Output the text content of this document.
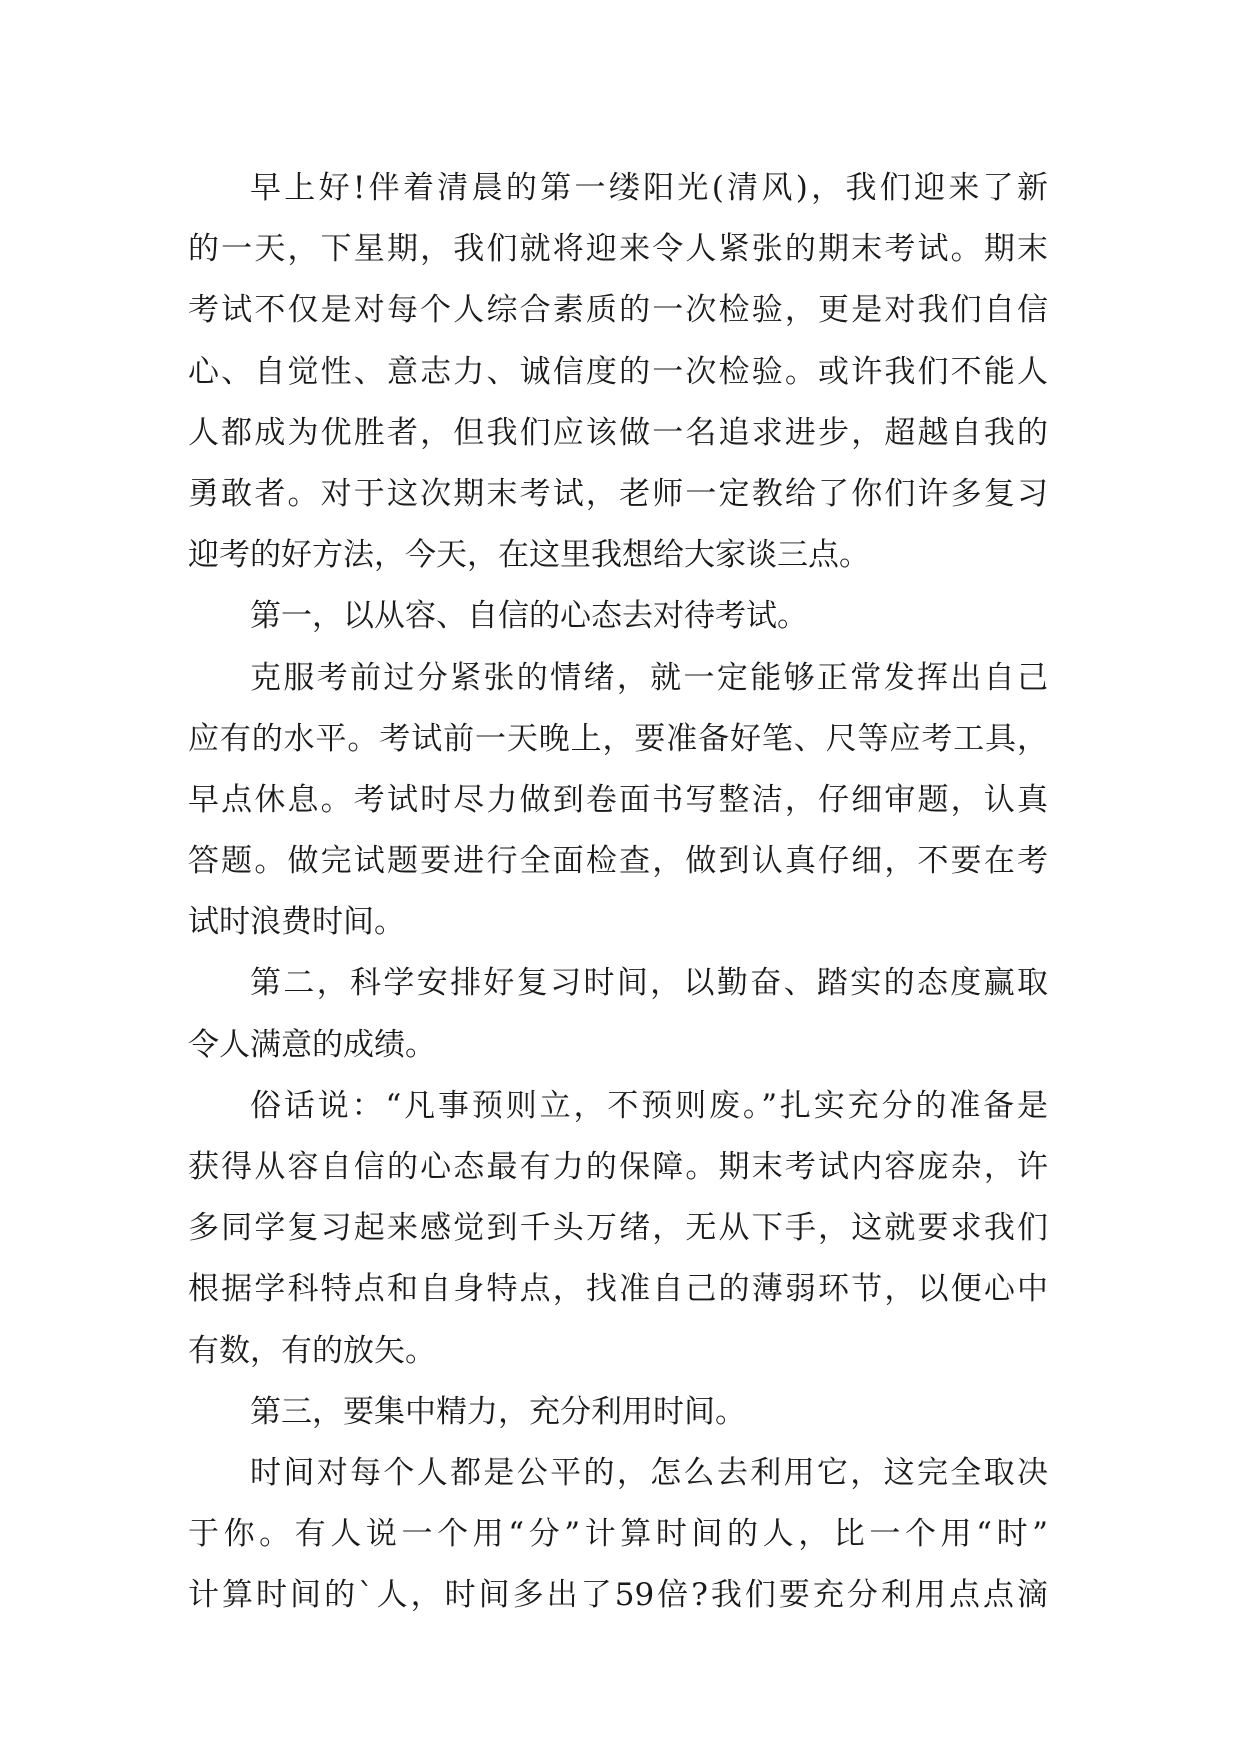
早上好!伴着清晨的第一缕阳光(清风)，我们迎来了新
的一天，下星期，我们就将迎来令人紧张的期末考试。期末
考试不仅是对每个人综合素质的一次检验，更是对我们自信
心、自觉性、意志力、诚信度的一次检验。或许我们不能人
人都成为优胜者，但我们应该做一名追求进步，超越自我的
勇敢者。对于这次期末考试，老师一定教给了你们许多复习
迎考的好方法，今天，在这里我想给大家谈三点。
第一，以从容、自信的心态去对待考试。
克服考前过分紧张的情绪，就一定能够正常发挥出自己
应有的水平。考试前一天晚上，要准备好笔、尺等应考工具，
早点休息。考试时尽力做到卷面书写整洁，仔细审题，认真
答题。做完试题要进行全面检查，做到认真仔细，不要在考
试时浪费时间。
第二，科学安排好复习时间，以勤奋、踏实的态度赢取
令人满意的成绩。
俗话说：“凡事预则立，不预则废。”扎实充分的准备是
获得从容自信的心态最有力的保障。期末考试内容庞杂，许
多同学复习起来感觉到千头万绪，无从下手，这就要求我们
根据学科特点和自身特点，找准自己的薄弱环节，以便心中
有数，有的放矢。
第三，要集中精力，充分利用时间。
时间对每个人都是公平的，怎么去利用它，这完全取决
于你。有人说一个用“分”计算时间的人，比一个用“时”
计算时间的`人，时间多出了59倍?我们要充分利用点点滴
